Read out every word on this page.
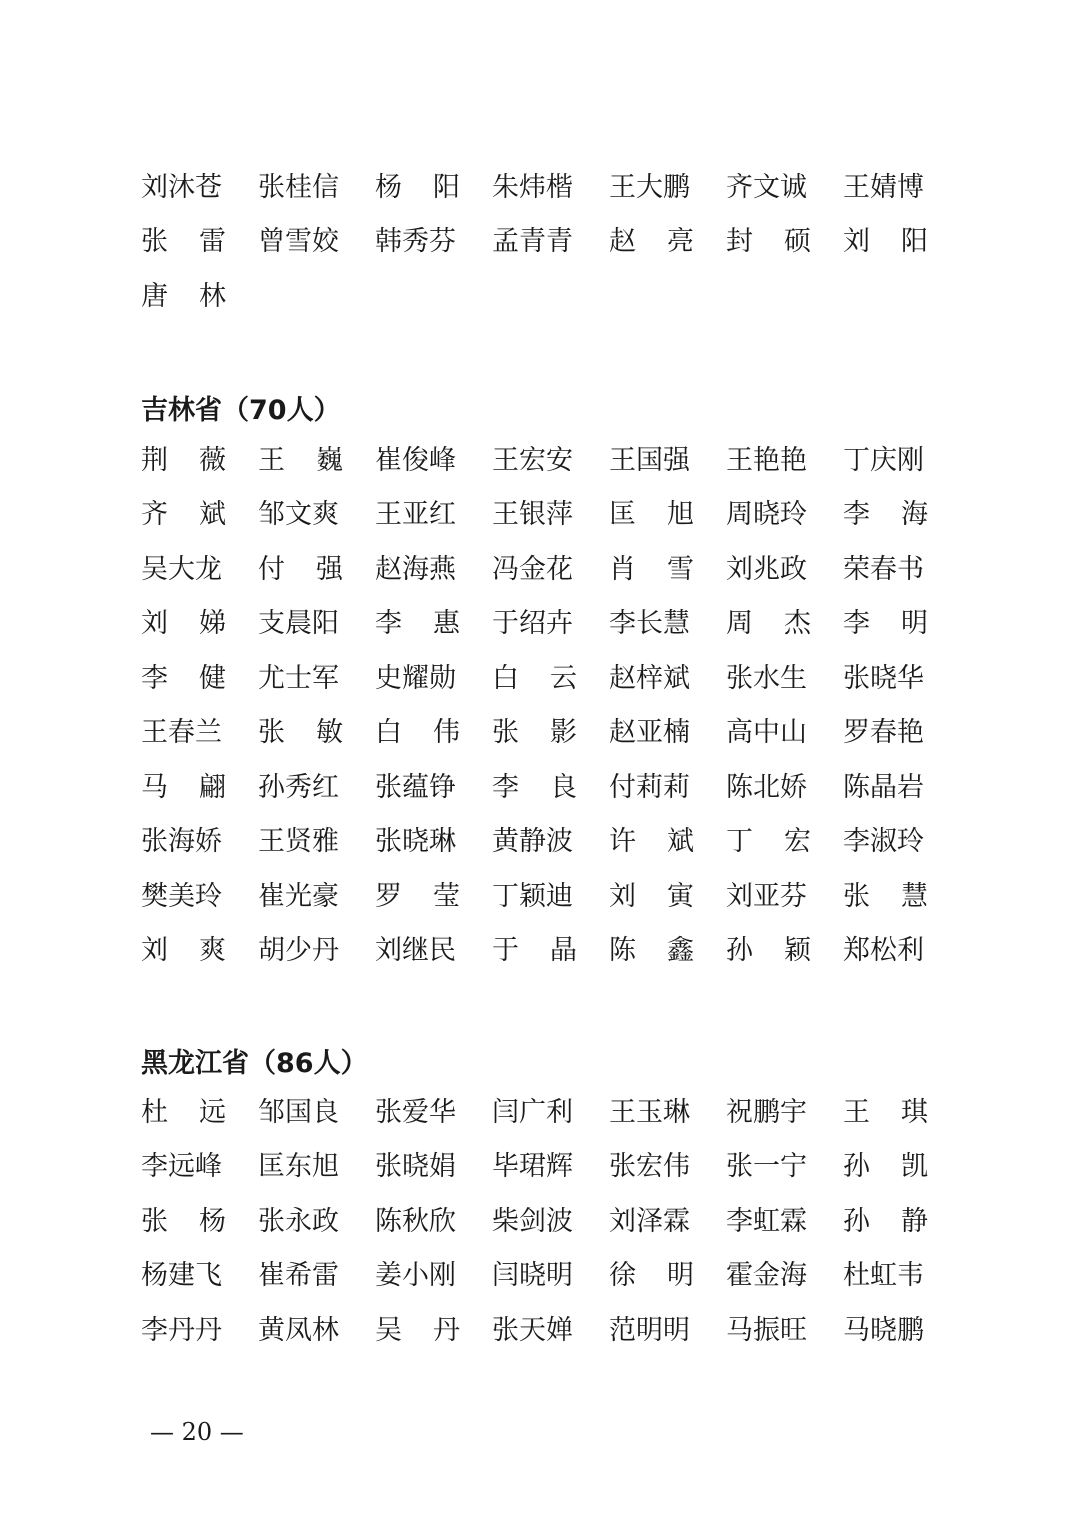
刘 沐 苍 张 桂 信 杨 阳 朱 炜 楷 王 大 鹏 齐 文 诚 王 婧 博
张 雷 曾 雪 姣 韩 秀 芬 孟 青 青 赵 亮 封 硕 刘 阳
唐 林
吉林省（70人）
荆 薇 王 巍 崔 俊 峰 王 宏 安 王 国 强 王 艳 艳 丁 庆 刚
齐 斌 邹 文 爽 王 亚 红 王 银 萍 匡 旭 周 晓 玲 李 海
吴 大 龙 付 强 赵 海 燕 冯 金 花 肖 雪 刘 兆 政 荣 春 书
刘 娣 支 晨 阳 李 惠 于 绍 卉 李 长 慧 周 杰 李 明
李 健 尤 士 军 史 耀 勋 白 云 赵 梓 斌 张 水 生 张 晓 华
王 春 兰 张 敏 白 伟 张 影 赵 亚 楠 高 中 山 罗 春 艳
马 翩 孙 秀 红 张 蕴 铮 李 良 付 莉 莉 陈 北 娇 陈 晶 岩
张 海 娇 王 贤 雅 张 晓 琳 黄 静 波 许 斌 丁 宏 李 淑 玲
樊 美 玲 崔 光 豪 罗 莹 丁 颖 迪 刘 寅 刘 亚 芬 张 慧
刘 爽 胡 少 丹 刘 继 民 于 晶 陈 鑫 孙 颖 郑 松 利
黑龙江省（86人）
杜 远 邹 国 良 张 爱 华 闫 广 利 王 玉 琳 祝 鹏 宇 王 琪
李 远 峰 匡 东 旭 张 晓 娟 毕 珺 辉 张 宏 伟 张 一 宁 孙 凯
张 杨 张 永 政 陈 秋 欣 柴 剑 波 刘 泽 霖 李 虹 霖 孙 静
杨 建 飞 崔 希 雷 姜 小 刚 闫 晓 明 徐 明 霍 金 海 杜 虹 韦
李 丹 丹 黄 凤 林 吴 丹 张 天 婵 范 明 明 马 振 旺 马 晓 鹏
— 20 —
